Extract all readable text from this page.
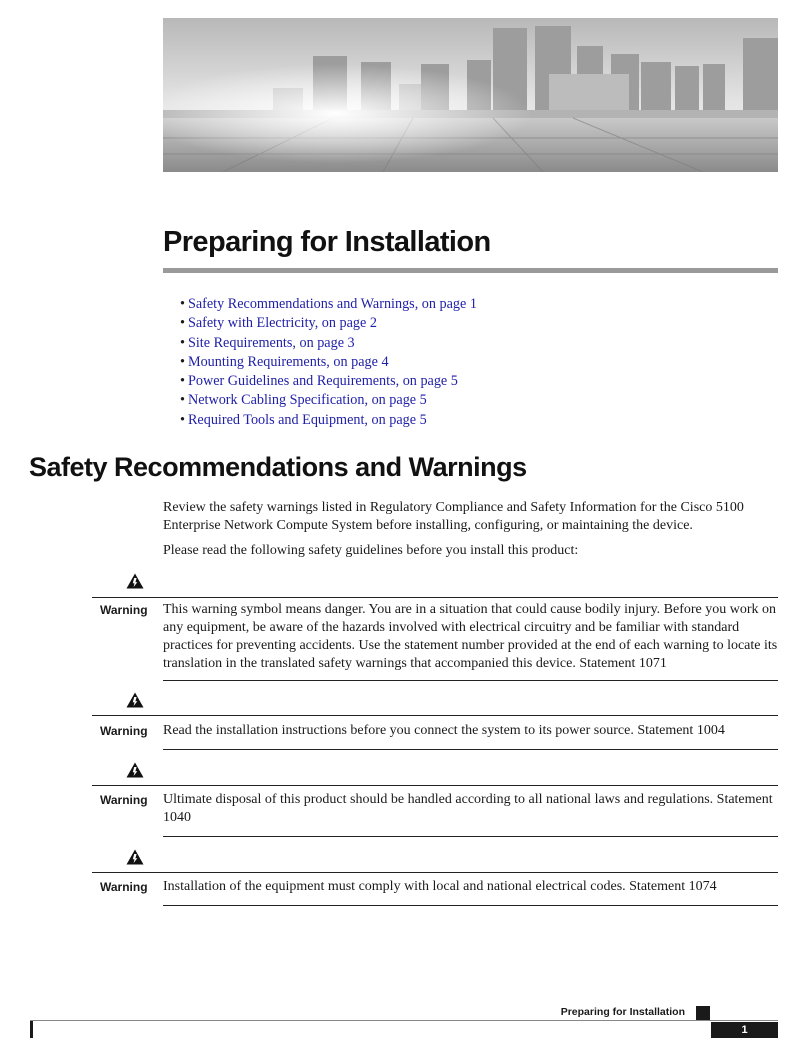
Preparing for Installation
• Safety Recommendations and Warnings, on page 1
• Safety with Electricity, on page 2
• Site Requirements, on page 3
• Mounting Requirements, on page 4
• Power Guidelines and Requirements, on page 5
• Network Cabling Specification, on page 5
• Required Tools and Equipment, on page 5
Safety Recommendations and Warnings

Review the safety warnings listed in Regulatory Compliance and Safety Information for the Cisco 5100 Enterprise Network Compute System before installing, configuring, or maintaining the device.

Please read the following safety guidelines before you install this product:

Warning This warning symbol means danger. You are in a situation that could cause bodily injury. Before you work on any equipment, be aware of the hazards involved with electrical circuitry and be familiar with standard practices for preventing accidents. Use the statement number provided at the end of each warning to locate its translation in the translated safety warnings that accompanied this device. Statement 1071

Warning Read the installation instructions before you connect the system to its power source. Statement 1004

Warning Ultimate disposal of this product should be handled according to all national laws and regulations. Statement 1040

Warning Installation of the equipment must comply with local and national electrical codes. Statement 1074

Preparing for Installation
1
